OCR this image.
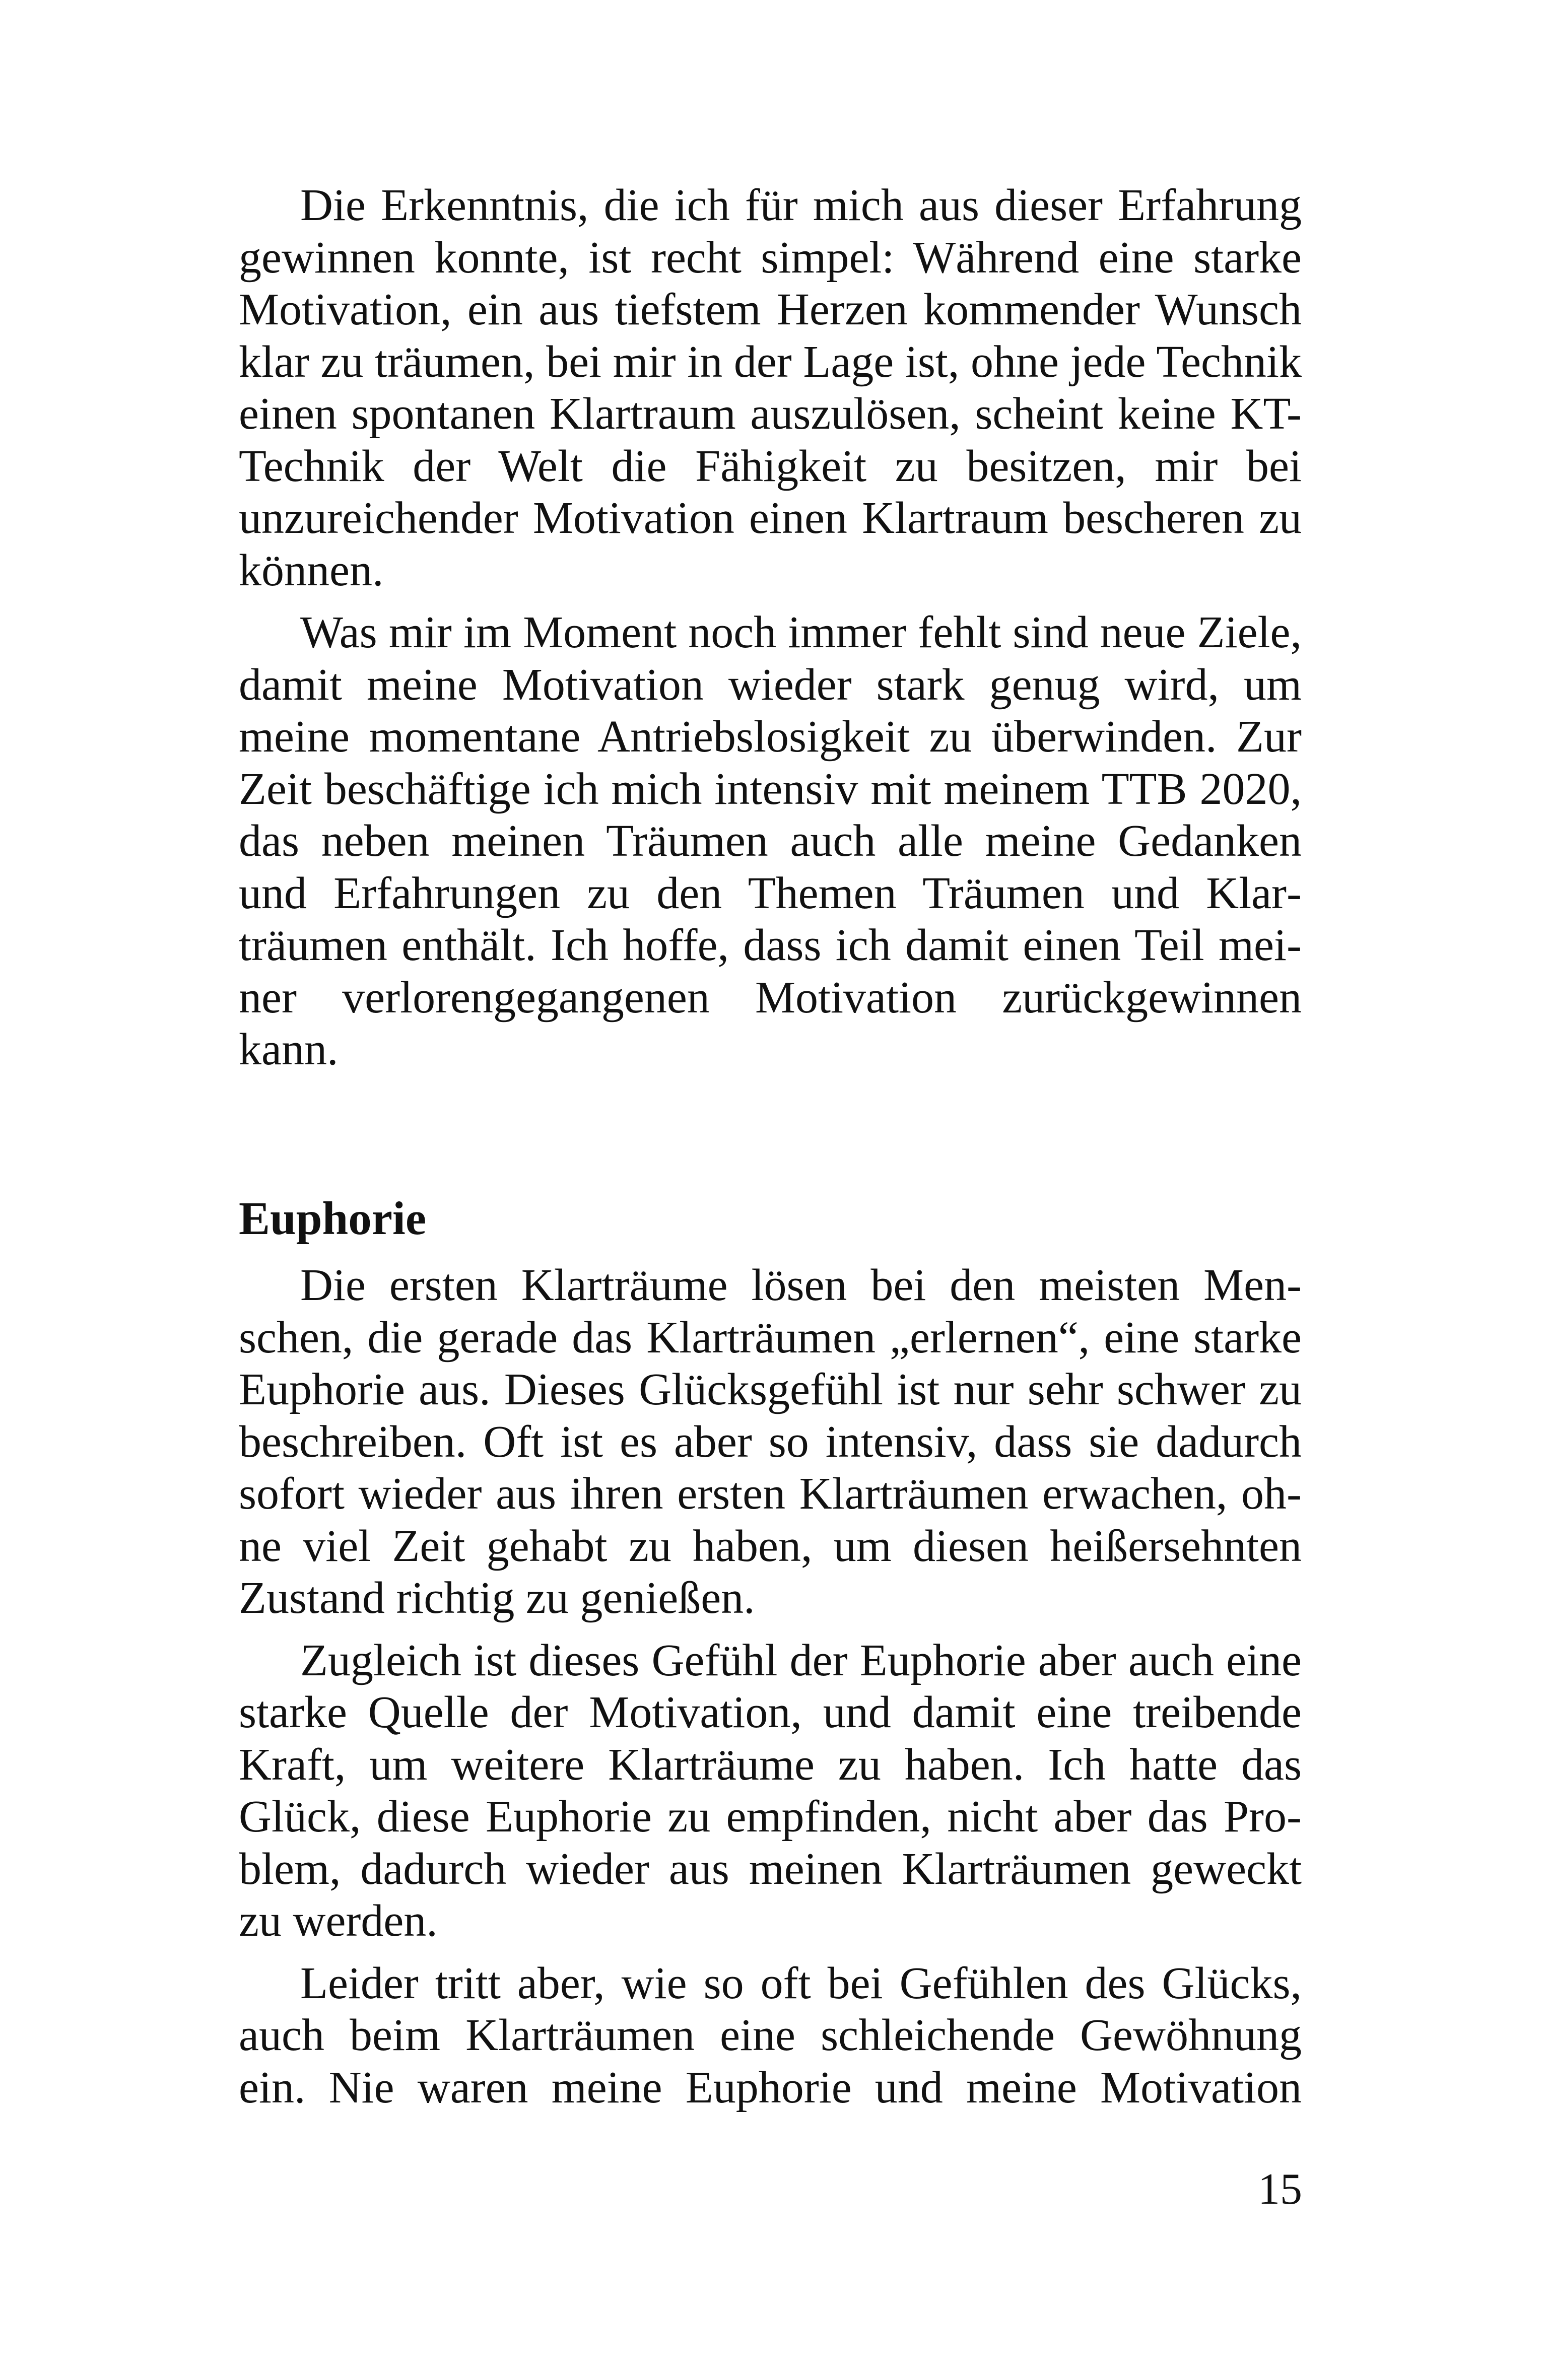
Die Erkenntnis, die ich für mich aus dieser Erfahrung gewinnen konnte, ist recht simpel: Während eine starke Motivation, ein aus tiefstem Herzen kommender Wunsch klar zu träumen, bei mir in der Lage ist, ohne jede Technik einen spontanen Klartraum auszulösen, scheint keine KT-Technik der Welt die Fähigkeit zu besitzen, mir bei unzureichender Motivation einen Klartraum bescheren zu können.

Was mir im Moment noch immer fehlt sind neue Ziele, damit meine Motivation wieder stark genug wird, um meine momentane Antriebslosigkeit zu überwinden. Zur Zeit beschäftige ich mich intensiv mit meinem TTB 2020, das neben meinen Träumen auch alle meine Gedanken und Erfahrungen zu den Themen Träumen und Klarträumen enthält. Ich hoffe, dass ich damit einen Teil meiner verlorengegangenen Motivation zurückgewinnen kann.

Euphorie

Die ersten Klarträume lösen bei den meisten Menschen, die gerade das Klarträumen „erlernen“, eine starke Euphorie aus. Dieses Glücksgefühl ist nur sehr schwer zu beschreiben. Oft ist es aber so intensiv, dass sie dadurch sofort wieder aus ihren ersten Klarträumen erwachen, ohne viel Zeit gehabt zu haben, um diesen heißersehnten Zustand richtig zu genießen.

Zugleich ist dieses Gefühl der Euphorie aber auch eine starke Quelle der Motivation, und damit eine treibende Kraft, um weitere Klarträume zu haben. Ich hatte das Glück, diese Euphorie zu empfinden, nicht aber das Problem, dadurch wieder aus meinen Klarträumen geweckt zu werden.

Leider tritt aber, wie so oft bei Gefühlen des Glücks, auch beim Klarträumen eine schleichende Gewöhnung ein. Nie waren meine Euphorie und meine Motivation

15
